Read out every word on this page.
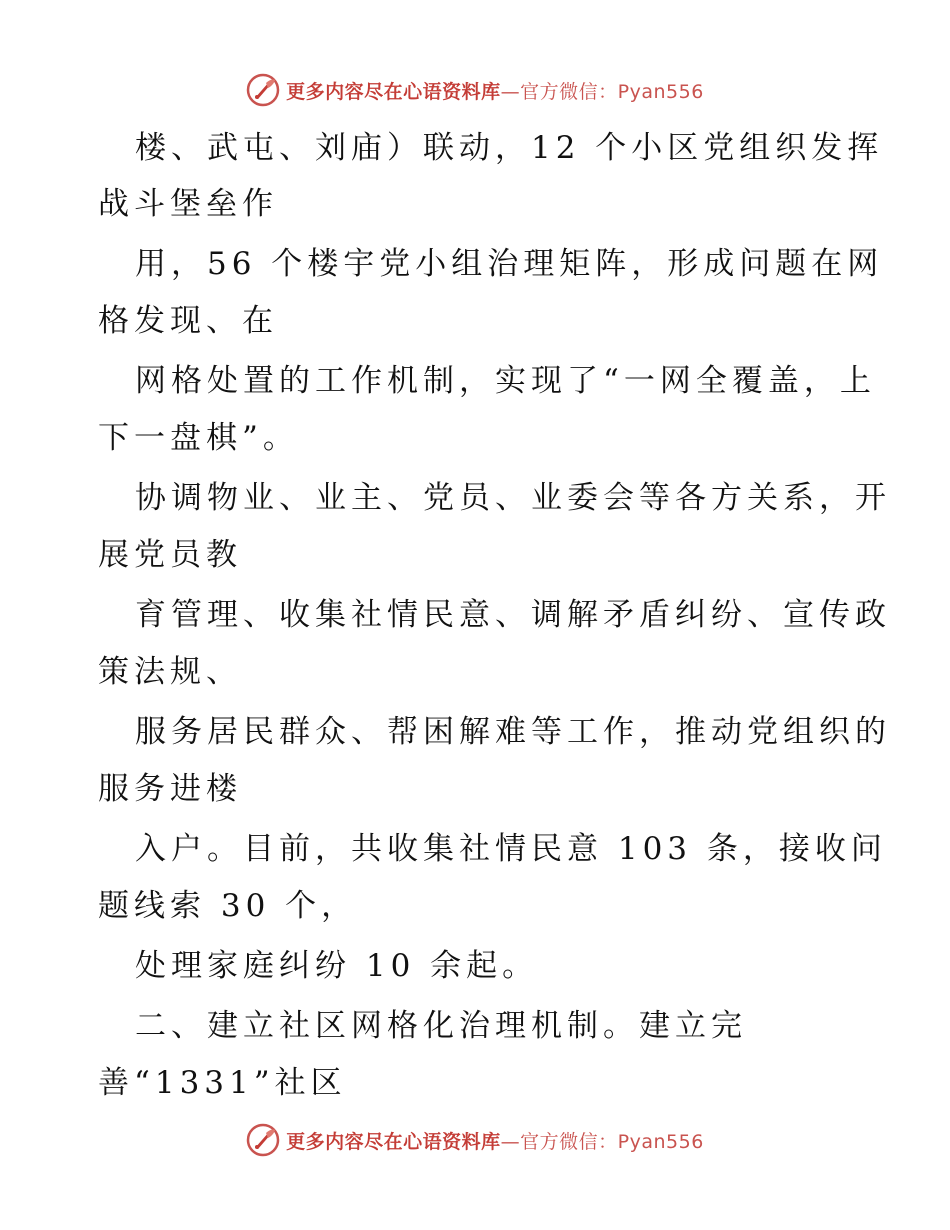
更多内容尽在心语资料库—官方微信：Pyan556
楼、武屯、刘庙）联动，12 个小区党组织发挥
战斗堡垒作
用，56 个楼宇党小组治理矩阵，形成问题在网
格发现、在
网格处置的工作机制，实现了“一网全覆盖，上
下一盘棋”。
协调物业、业主、党员、业委会等各方关系，开
展党员教
育管理、收集社情民意、调解矛盾纠纷、宣传政
策法规、
服务居民群众、帮困解难等工作，推动党组织的
服务进楼
入户。目前，共收集社情民意 103 条，接收问
题线索 30 个，
处理家庭纠纷 10 余起。
二、建立社区网格化治理机制。建立完
善“1331”社区
更多内容尽在心语资料库—官方微信：Pyan556
